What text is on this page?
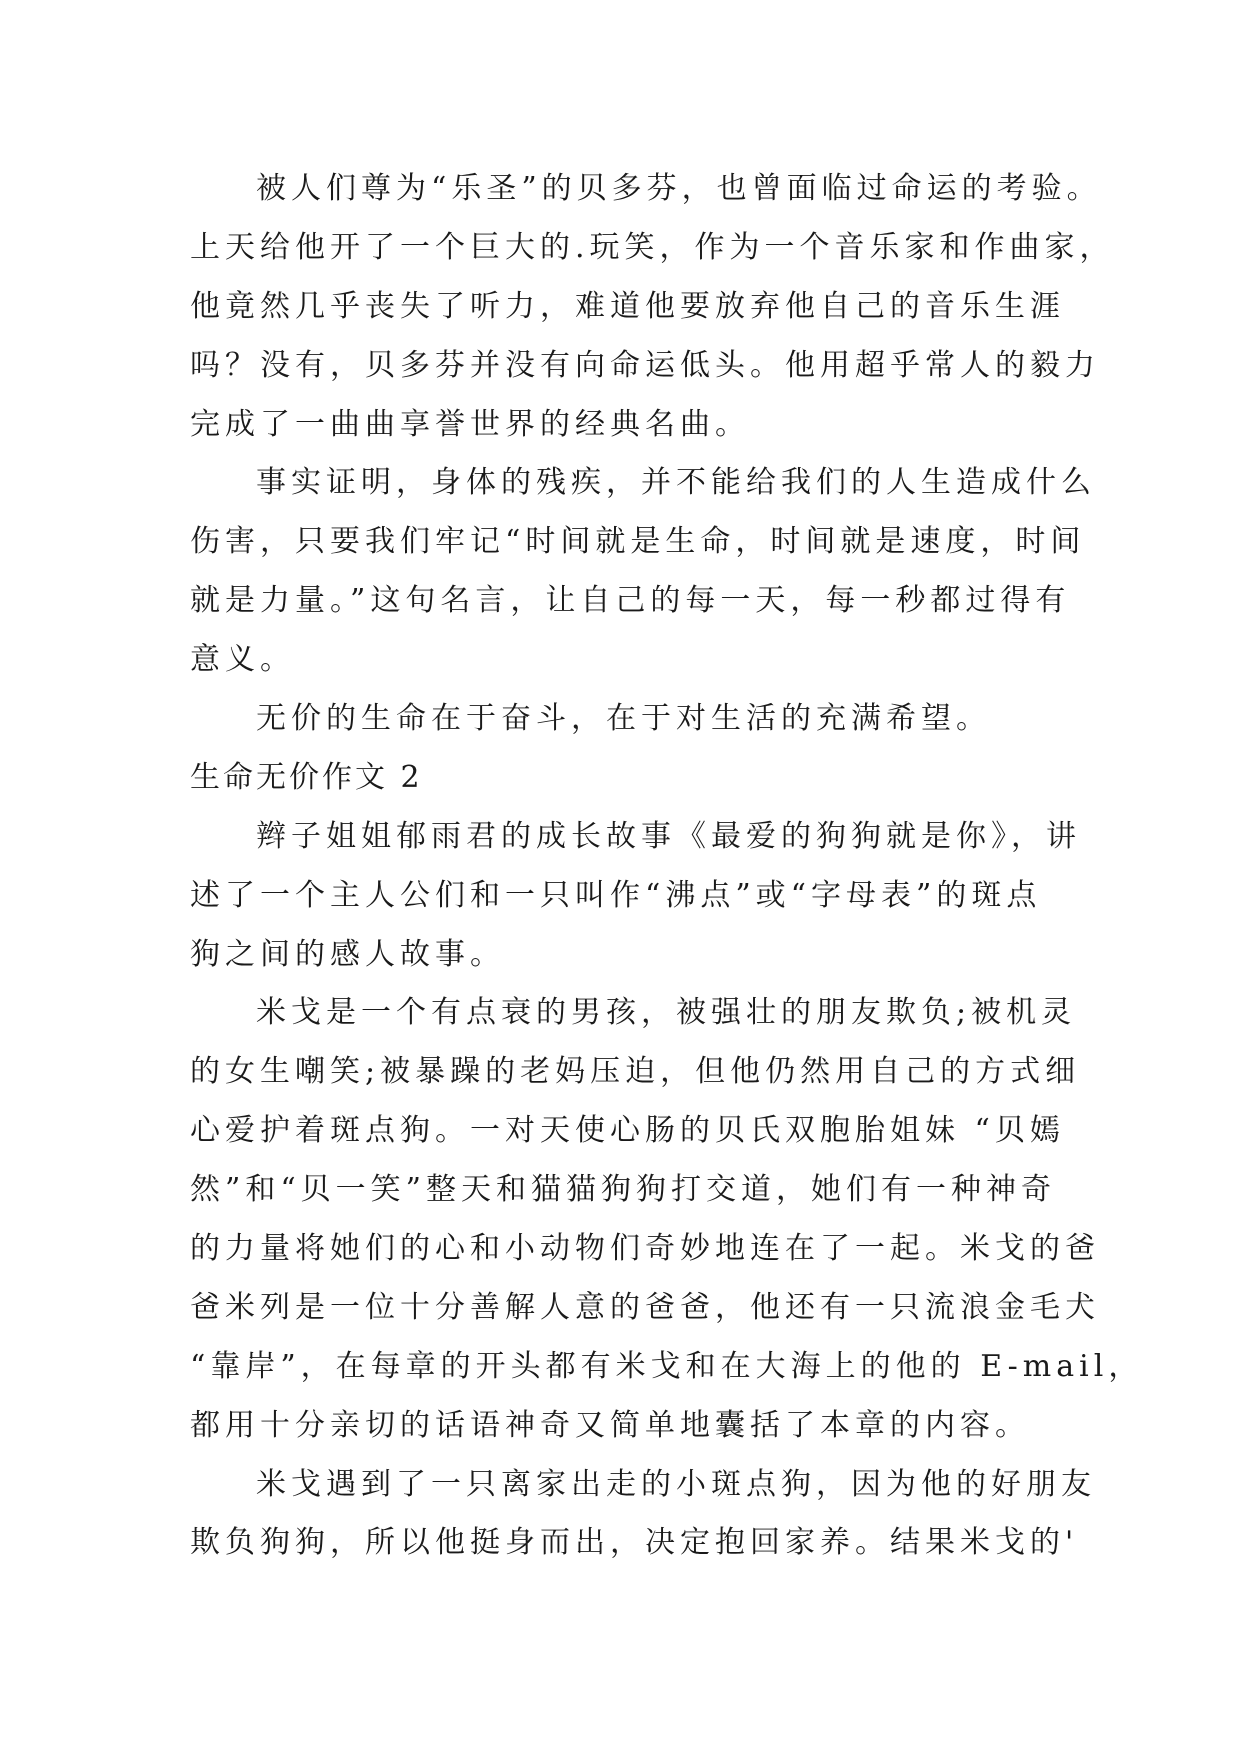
被人们尊为“乐圣”的贝多芬，也曾面临过命运的考验。
上天给他开了一个巨大的.玩笑，作为一个音乐家和作曲家，
他竟然几乎丧失了听力，难道他要放弃他自己的音乐生涯
吗？没有，贝多芬并没有向命运低头。他用超乎常人的毅力
完成了一曲曲享誉世界的经典名曲。
事实证明，身体的残疾，并不能给我们的人生造成什么
伤害，只要我们牢记“时间就是生命，时间就是速度，时间
就是力量。”这句名言，让自己的每一天，每一秒都过得有
意义。
无价的生命在于奋斗，在于对生活的充满希望。
生命无价作文 2
辫子姐姐郁雨君的成长故事《最爱的狗狗就是你》，讲
述了一个主人公们和一只叫作“沸点”或“字母表”的斑点
狗之间的感人故事。
米戈是一个有点衰的男孩，被强壮的朋友欺负;被机灵
的女生嘲笑;被暴躁的老妈压迫，但他仍然用自己的方式细
心爱护着斑点狗。一对天使心肠的贝氏双胞胎姐妹 “贝嫣
然”和“贝一笑”整天和猫猫狗狗打交道，她们有一种神奇
的力量将她们的心和小动物们奇妙地连在了一起。米戈的爸
爸米列是一位十分善解人意的爸爸，他还有一只流浪金毛犬
“靠岸”，在每章的开头都有米戈和在大海上的他的 E-mail，
都用十分亲切的话语神奇又简单地囊括了本章的内容。
米戈遇到了一只离家出走的小斑点狗，因为他的好朋友
欺负狗狗，所以他挺身而出，决定抱回家养。结果米戈的'
